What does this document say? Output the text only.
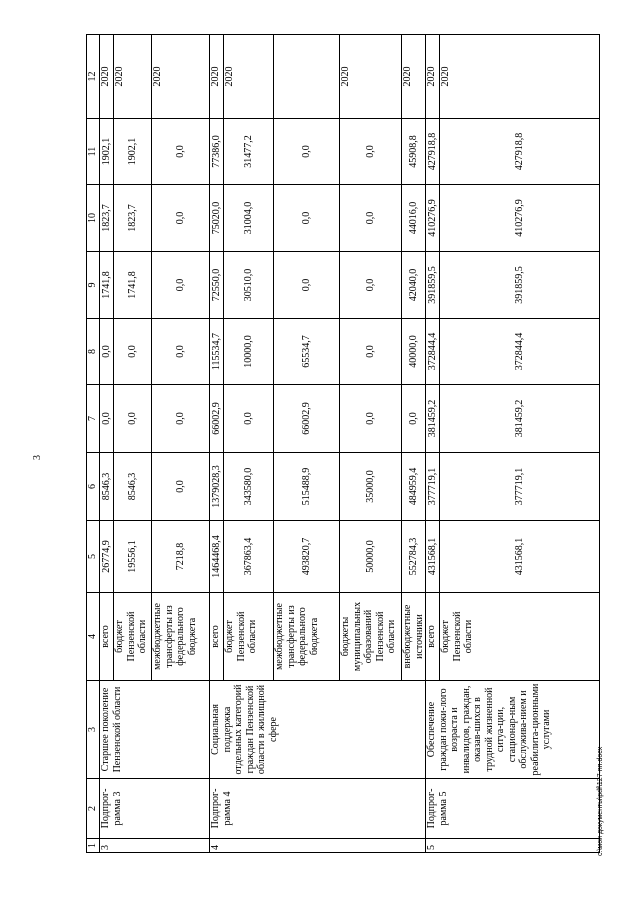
3
c:\мои документы\pdf\127-пп.docx
1	2	3	4	5	6	7	8	9	10	11	12
3	Подпрог-рамма 3	Старшее поколение Пензенской области	всего	26774,9	8546,3	0,0	0,0	1741,8	1823,7	1902,1	2020
			бюджет Пензенской области	19556,1	8546,3	0,0	0,0	1741,8	1823,7	1902,1	2020
			межбюджетные трансферты из федерального бюджета	7218,8	0,0	0,0	0,0	0,0	0,0	0,0	2020
4	Подпрог-рамма 4	Социальная поддержка отдельных категорий граждан Пензенской области в жилищной сфере	всего	1464468,4	1379028,3	66002,9	115534,7	72550,0	75020,0	77386,0	2020
			бюджет Пензенской области	367863,4	343580,0	0,0	10000,0	30510,0	31004,0	31477,2	2020
			межбюджетные трансферты из федерального бюджета	493820,7	515488,9	66002,9	65534,7	0,0	0,0	0,0	
			бюджеты муниципальных образований Пензенской области	50000,0	35000,0	0,0	0,0	0,0	0,0	0,0	2020
			внебюджетные источники	552784,3	484959,4	0,0	40000,0	42040,0	44016,0	45908,8	2020
5	Подпрог-рамма 5	Обеспечение граждан пожи-лого возраста и инвалидов, граждан, оказав-шихся в трудной жизненной ситуа-ции, стационар-ным обслужива-нием и реабилита-ционными услугами	всего	431568,1	377719,1	381459,2	372844,4	391859,5	410276,9	427918,8	2020
			бюджет Пензенской области	431568,1	377719,1	381459,2	372844,4	391859,5	410276,9	427918,8	2020
